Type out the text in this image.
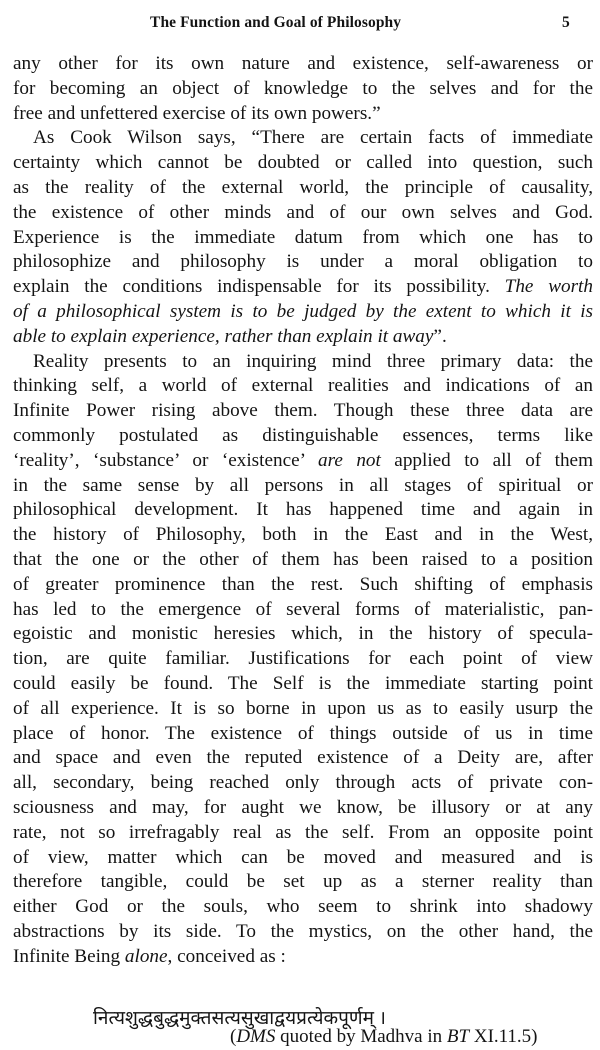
The Function and Goal of Philosophy	5
any other for its own nature and existence, self-awareness or
for becoming an object of knowledge to the selves and for the
free and unfettered exercise of its own powers.”
As Cook Wilson says, “There are certain facts of immediate
certainty which cannot be doubted or called into question, such
as the reality of the external world, the principle of causality,
the existence of other minds and of our own selves and God.
Experience is the immediate datum from which one has to
philosophize and philosophy is under a moral obligation to
explain the conditions indispensable for its possibility. The worth
of a philosophical system is to be judged by the extent to which it is
able to explain experience, rather than explain it away”.
Reality presents to an inquiring mind three primary data: the
thinking self, a world of external realities and indications of an
Infinite Power rising above them. Though these three data are
commonly postulated as distinguishable essences, terms like
‘reality’, ‘substance’ or ‘existence’ are not applied to all of them
in the same sense by all persons in all stages of spiritual or
philosophical development. It has happened time and again in
the history of Philosophy, both in the East and in the West,
that the one or the other of them has been raised to a position
of greater prominence than the rest. Such shifting of emphasis
has led to the emergence of several forms of materialistic, pan-
egoistic and monistic heresies which, in the history of specula-
tion, are quite familiar. Justifications for each point of view
could easily be found. The Self is the immediate starting point
of all experience. It is so borne in upon us as to easily usurp the
place of honor. The existence of things outside of us in time
and space and even the reputed existence of a Deity are, after
all, secondary, being reached only through acts of private con-
sciousness and may, for aught we know, be illusory or at any
rate, not so irrefragably real as the self. From an opposite point
of view, matter which can be moved and measured and is
therefore tangible, could be set up as a sterner reality than
either God or the souls, who seem to shrink into shadowy
abstractions by its side. To the mystics, on the other hand, the
Infinite Being alone, conceived as :
नित्यशुद्धबुद्धमुक्तसत्यसुखाद्वयप्रत्येकपूर्णम् ।
(DMS quoted by Madhva in BT XI.11.5)
